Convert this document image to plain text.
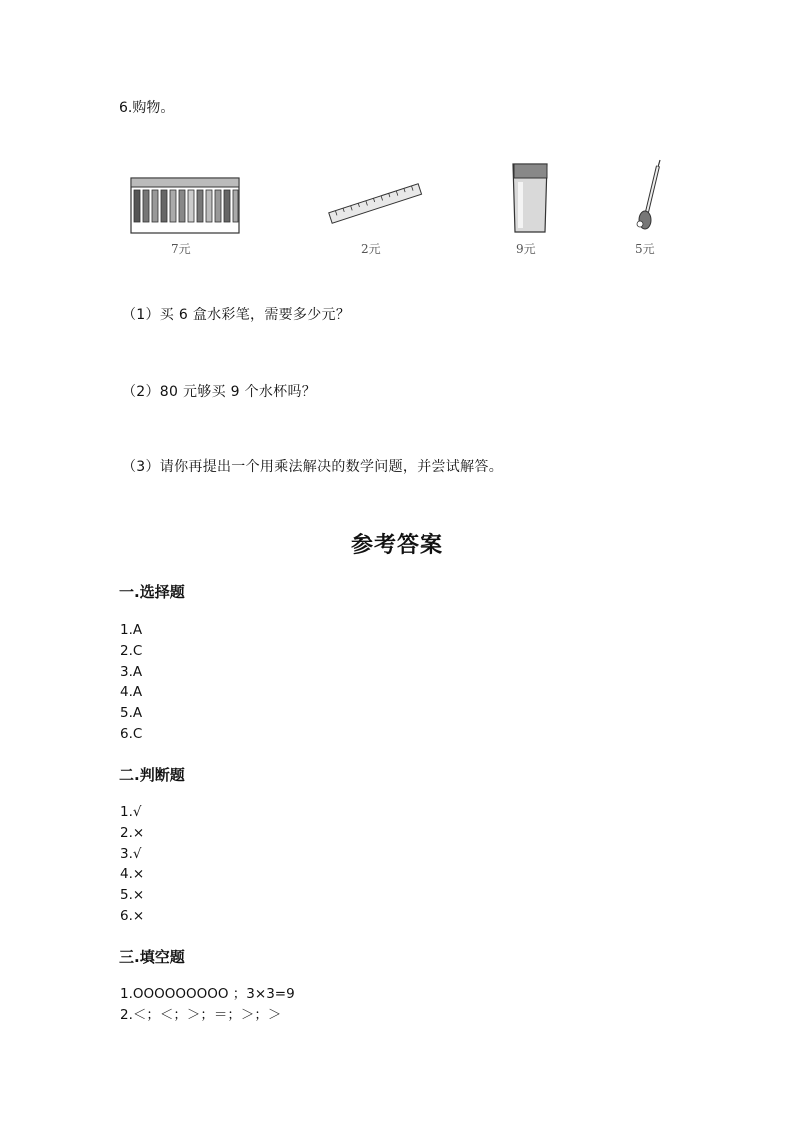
6.购物。
7元	2元	9元	5元
（1）买 6 盒水彩笔，需要多少元？
（2）80 元够买 9 个水杯吗？
（3）请你再提出一个用乘法解决的数学问题，并尝试解答。
参考答案
一.选择题
1.A
2.C
3.A
4.A
5.A
6.C
二.判断题
1.√
2.×
3.√
4.×
5.×
6.×
三.填空题
1.OOOOOOOOO ；3×3=9
2.＜；＜；＞；＝；＞；＞
